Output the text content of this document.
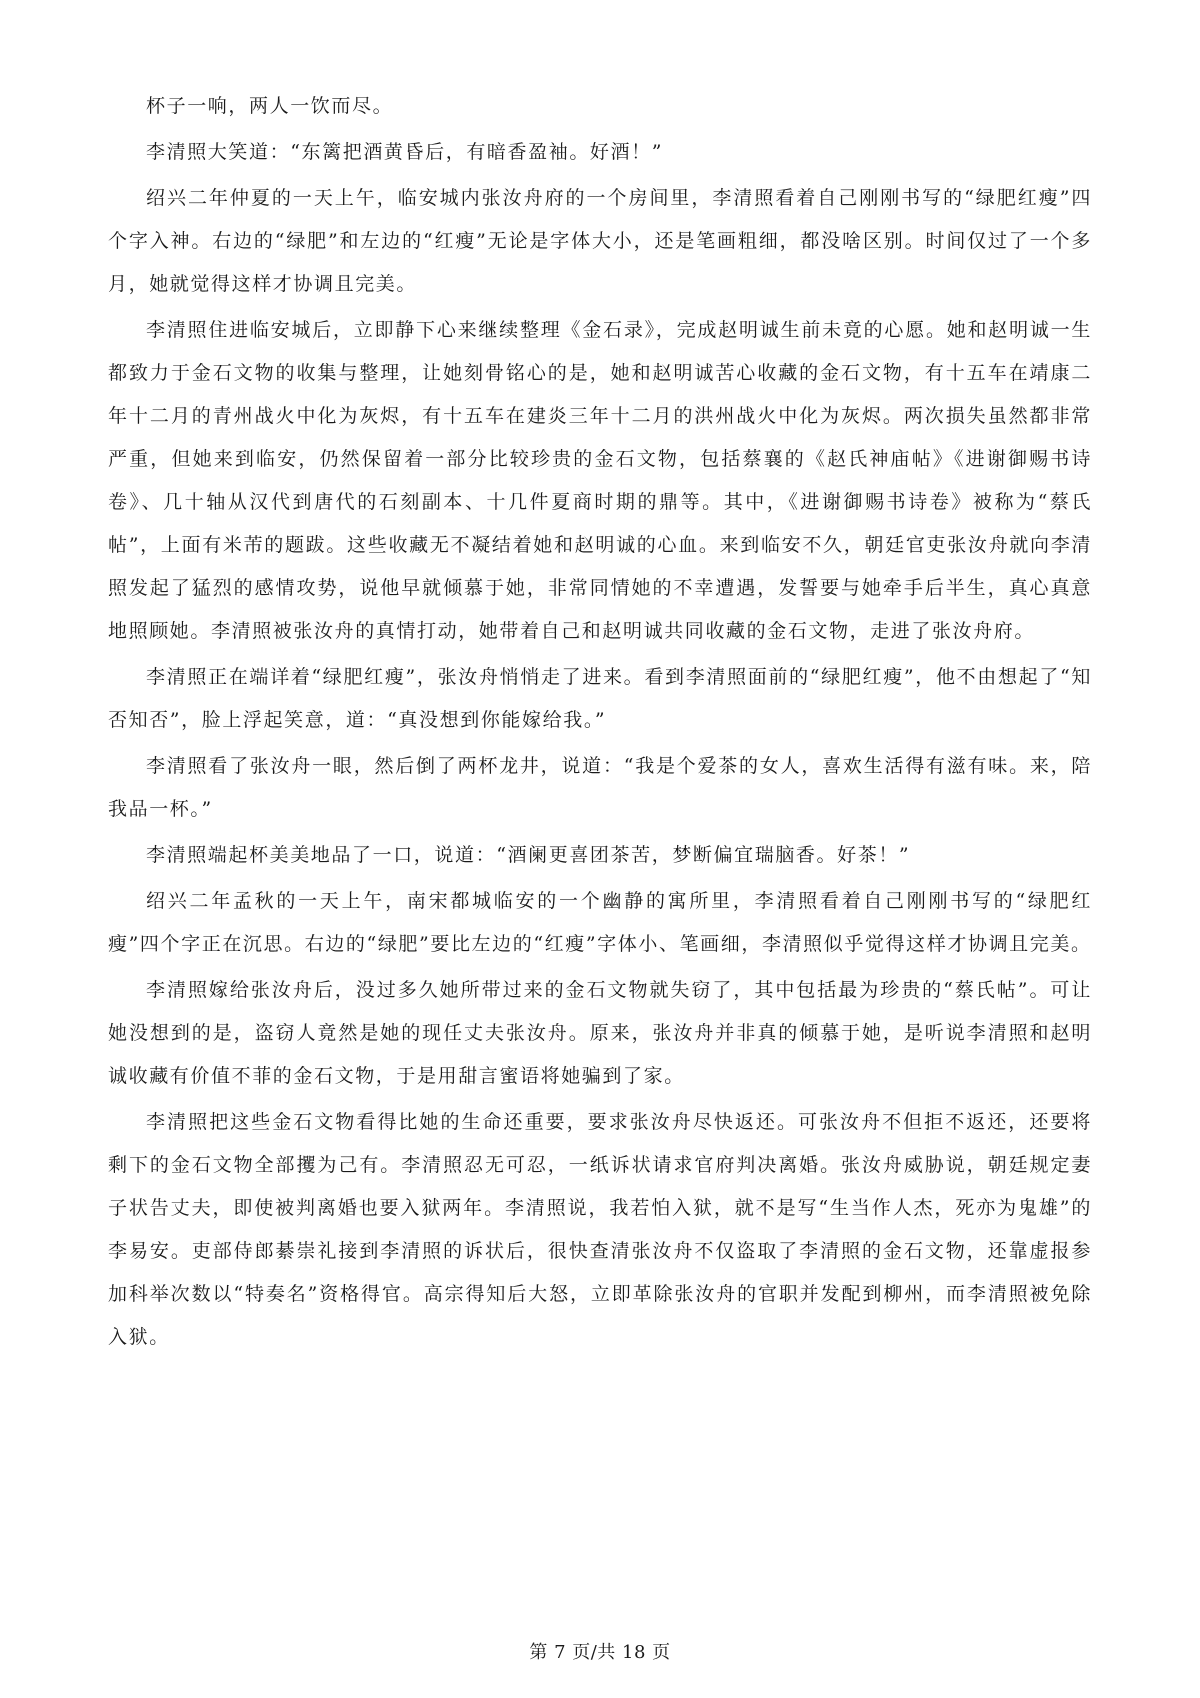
杯子一响，两人一饮而尽。

李清照大笑道：“东篱把酒黄昏后，有暗香盈袖。好酒！”

绍兴二年仲夏的一天上午，临安城内张汝舟府的一个房间里，李清照看着自己刚刚书写的“绿肥红瘦”四个字入神。右边的“绿肥”和左边的“红瘦”无论是字体大小，还是笔画粗细，都没啥区别。时间仅过了一个多月，她就觉得这样才协调且完美。

李清照住进临安城后，立即静下心来继续整理《金石录》，完成赵明诚生前未竟的心愿。她和赵明诚一生都致力于金石文物的收集与整理，让她刻骨铭心的是，她和赵明诚苦心收藏的金石文物，有十五车在靖康二年十二月的青州战火中化为灰烬，有十五车在建炎三年十二月的洪州战火中化为灰烬。两次损失虽然都非常严重，但她来到临安，仍然保留着一部分比较珍贵的金石文物，包括蔡襄的《赵氏神庙帖》《进谢御赐书诗卷》、几十轴从汉代到唐代的石刻副本、十几件夏商时期的鼎等。其中，《进谢御赐书诗卷》被称为“蔡氏帖”，上面有米芾的题跋。这些收藏无不凝结着她和赵明诚的心血。来到临安不久，朝廷官吏张汝舟就向李清照发起了猛烈的感情攻势，说他早就倾慕于她，非常同情她的不幸遭遇，发誓要与她牵手后半生，真心真意地照顾她。李清照被张汝舟的真情打动，她带着自己和赵明诚共同收藏的金石文物，走进了张汝舟府。

李清照正在端详着“绿肥红瘦”，张汝舟悄悄走了进来。看到李清照面前的“绿肥红瘦”，他不由想起了“知否知否”，脸上浮起笑意，道：“真没想到你能嫁给我。”

李清照看了张汝舟一眼，然后倒了两杯龙井，说道：“我是个爱茶的女人，喜欢生活得有滋有味。来，陪我品一杯。”

李清照端起杯美美地品了一口，说道：“酒阑更喜团茶苦，梦断偏宜瑞脑香。好茶！”

绍兴二年孟秋的一天上午，南宋都城临安的一个幽静的寓所里，李清照看着自己刚刚书写的“绿肥红瘦”四个字正在沉思。右边的“绿肥”要比左边的“红瘦”字体小、笔画细，李清照似乎觉得这样才协调且完美。

李清照嫁给张汝舟后，没过多久她所带过来的金石文物就失窃了，其中包括最为珍贵的“蔡氏帖”。可让她没想到的是，盗窃人竟然是她的现任丈夫张汝舟。原来，张汝舟并非真的倾慕于她，是听说李清照和赵明诚收藏有价值不菲的金石文物，于是用甜言蜜语将她骗到了家。

李清照把这些金石文物看得比她的生命还重要，要求张汝舟尽快返还。可张汝舟不但拒不返还，还要将剩下的金石文物全部攫为己有。李清照忍无可忍，一纸诉状请求官府判决离婚。张汝舟威胁说，朝廷规定妻子状告丈夫，即使被判离婚也要入狱两年。李清照说，我若怕入狱，就不是写“生当作人杰，死亦为鬼雄”的李易安。吏部侍郎綦崇礼接到李清照的诉状后，很快查清张汝舟不仅盗取了李清照的金石文物，还靠虚报参加科举次数以“特奏名”资格得官。高宗得知后大怒，立即革除张汝舟的官职并发配到柳州，而李清照被免除入狱。

第 7 页/共 18 页
